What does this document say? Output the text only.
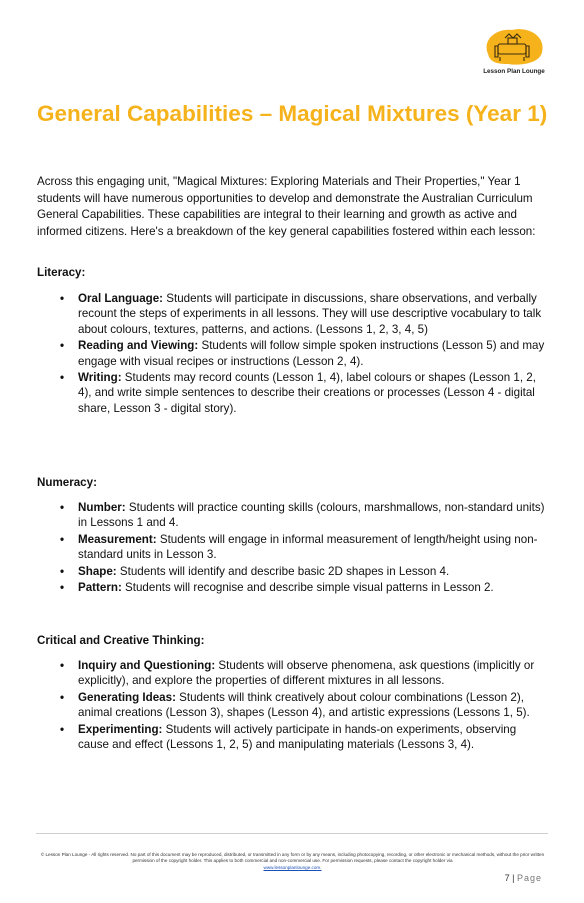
Lesson Plan Lounge
General Capabilities – Magical Mixtures (Year 1)

Across this engaging unit, "Magical Mixtures: Exploring Materials and Their Properties," Year 1 students will have numerous opportunities to develop and demonstrate the Australian Curriculum General Capabilities. These capabilities are integral to their learning and growth as active and informed citizens. Here's a breakdown of the key general capabilities fostered within each lesson:

Literacy:

• Oral Language: Students will participate in discussions, share observations, and verbally recount the steps of experiments in all lessons. They will use descriptive vocabulary to talk about colours, textures, patterns, and actions. (Lessons 1, 2, 3, 4, 5)
• Reading and Viewing: Students will follow simple spoken instructions (Lesson 5) and may engage with visual recipes or instructions (Lesson 2, 4).
• Writing: Students may record counts (Lesson 1, 4), label colours or shapes (Lesson 1, 2, 4), and write simple sentences to describe their creations or processes (Lesson 4 - digital share, Lesson 3 - digital story).

Numeracy:

• Number: Students will practice counting skills (colours, marshmallows, non-standard units) in Lessons 1 and 4.
• Measurement: Students will engage in informal measurement of length/height using non-standard units in Lesson 3.
• Shape: Students will identify and describe basic 2D shapes in Lesson 4.
• Pattern: Students will recognise and describe simple visual patterns in Lesson 2.

Critical and Creative Thinking:

• Inquiry and Questioning: Students will observe phenomena, ask questions (implicitly or explicitly), and explore the properties of different mixtures in all lessons.
• Generating Ideas: Students will think creatively about colour combinations (Lesson 2), animal creations (Lesson 3), shapes (Lesson 4), and artistic expressions (Lessons 1, 5).
• Experimenting: Students will actively participate in hands-on experiments, observing cause and effect (Lessons 1, 2, 5) and manipulating materials (Lessons 3, 4).

© Lesson Plan Lounge - All rights reserved. No part of this document may be reproduced, distributed, or transmitted in any form or by any means, including photocopying, recording, or other electronic or mechanical methods, without the prior written permission of the copyright holder. This applies to both commercial and non-commercial use. For permission requests, please contact the copyright holder via
www.lessonplanlounge.com.

7 | Page
